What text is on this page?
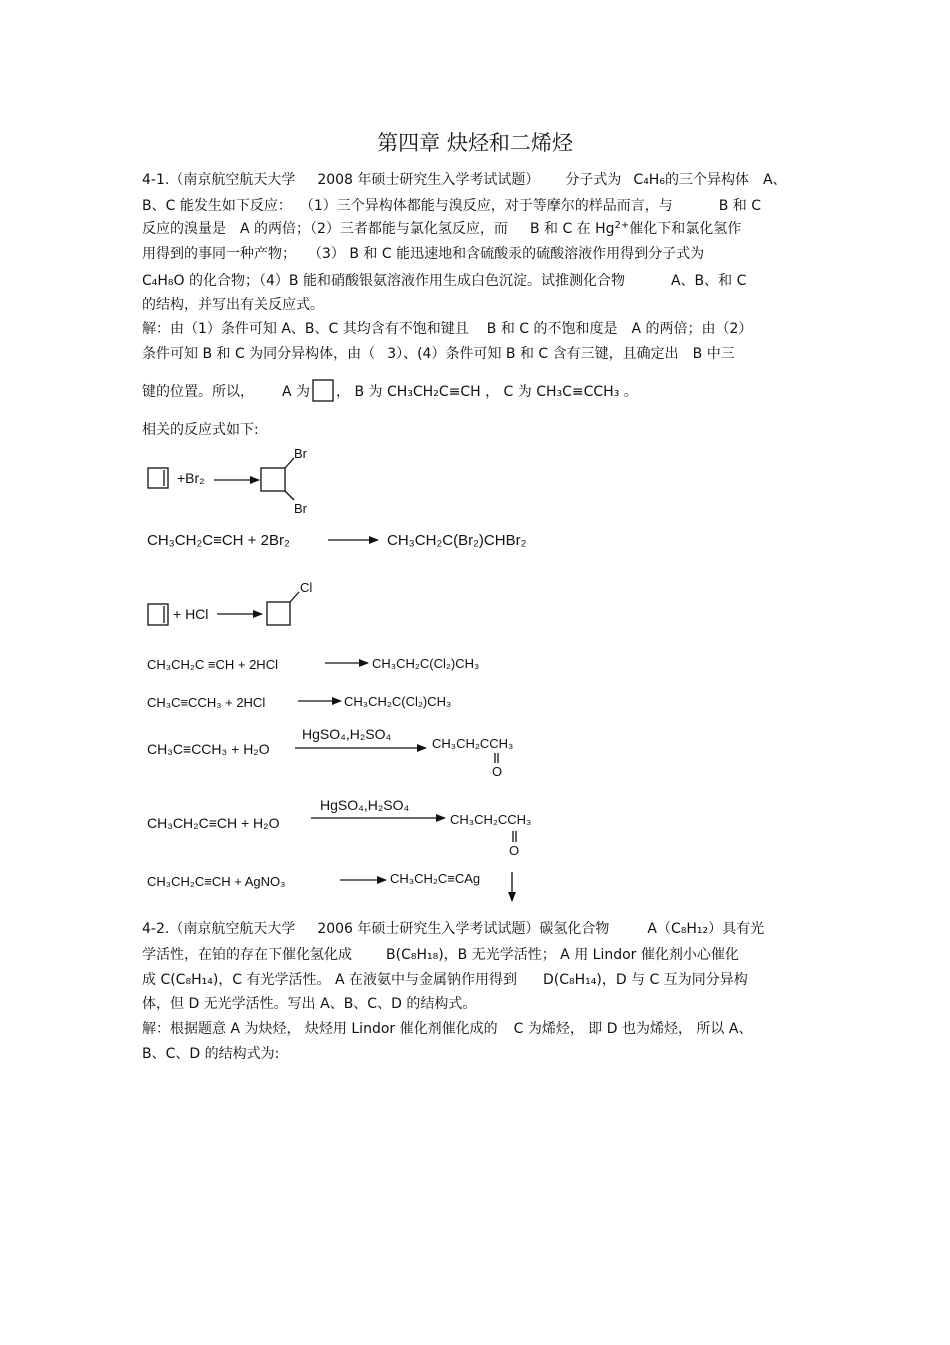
第四章 炔烃和二烯烃
4-1.（南京航空航天大学 2008 年硕士研究生入学考试试题） 分子式为 C₄H₆的三个异构体 A、
B、C 能发生如下反应： （1）三个异构体都能与溴反应，对于等摩尔的样品而言，与	B 和 C
反应的溴量是 A 的两倍；（2）三者都能与氯化氢反应，而 B 和 C 在 $Hg^{2+}$催化下和氯化氢作
用得到的事同一种产物； （3） B 和 C 能迅速地和含硫酸汞的硫酸溶液作用得到分子式为
C₄H₈O 的化合物；（4）B 能和硝酸银氨溶液作用生成白色沉淀。试推测化合物	A、B、和 C
的结构，并写出有关反应式。
解：由（1）条件可知 A、B、C 其均含有不饱和键且 B 和 C 的不饱和度是 A 的两倍；由（2）
条件可知 B 和 C 为同分异构体，由（ 3）、(4）条件可知 B 和 C 含有三键，且确定出 B 中三
键的位置。所以， A 为 ， B 为 CH₃CH₂C≡CH ， C 为 CH₃C≡CCH₃ 。
相关的反应式如下:
+Br₂
Br
Br
CH₃CH₂C≡CH + 2Br₂	CH₃CH₂C(Br₂)CHBr₂
+ HCl
Cl
CH₃CH₂C ≡CH + 2HCl	CH₃CH₂C(Cl₂)CH₃
CH₃C≡CCH₃ + 2HCl	CH₃CH₂C(Cl₂)CH₃
CH₃C≡CCH₃ + H₂O
HgSO₄,H₂SO₄
CH₃CH₂CCH₃
O
CH₃CH₂C≡CH + H₂O
HgSO₄,H₂SO₄
CH₃CH₂CCH₃
O
CH₃CH₂C≡CH + AgNO₃	CH₃CH₂C≡CAg
4-2.（南京航空航天大学 2006 年硕士研究生入学考试试题）碳氢化合物	A（C₈H₁₂）具有光
学活性，在铂的存在下催化氢化成 B(C₈H₁₈)，B 无光学活性； A 用 Lindor 催化剂小心催化
成 C(C₈H₁₄)，C 有光学活性。 A 在液氨中与金属钠作用得到 D(C₈H₁₄)，D 与 C 互为同分异构
体，但 D 无光学活性。写出 A、B、C、D 的结构式。
解：根据题意 A 为炔烃， 炔烃用 Lindor 催化剂催化成的 C 为烯烃， 即 D 也为烯烃， 所以 A、
B、C、D 的结构式为:
